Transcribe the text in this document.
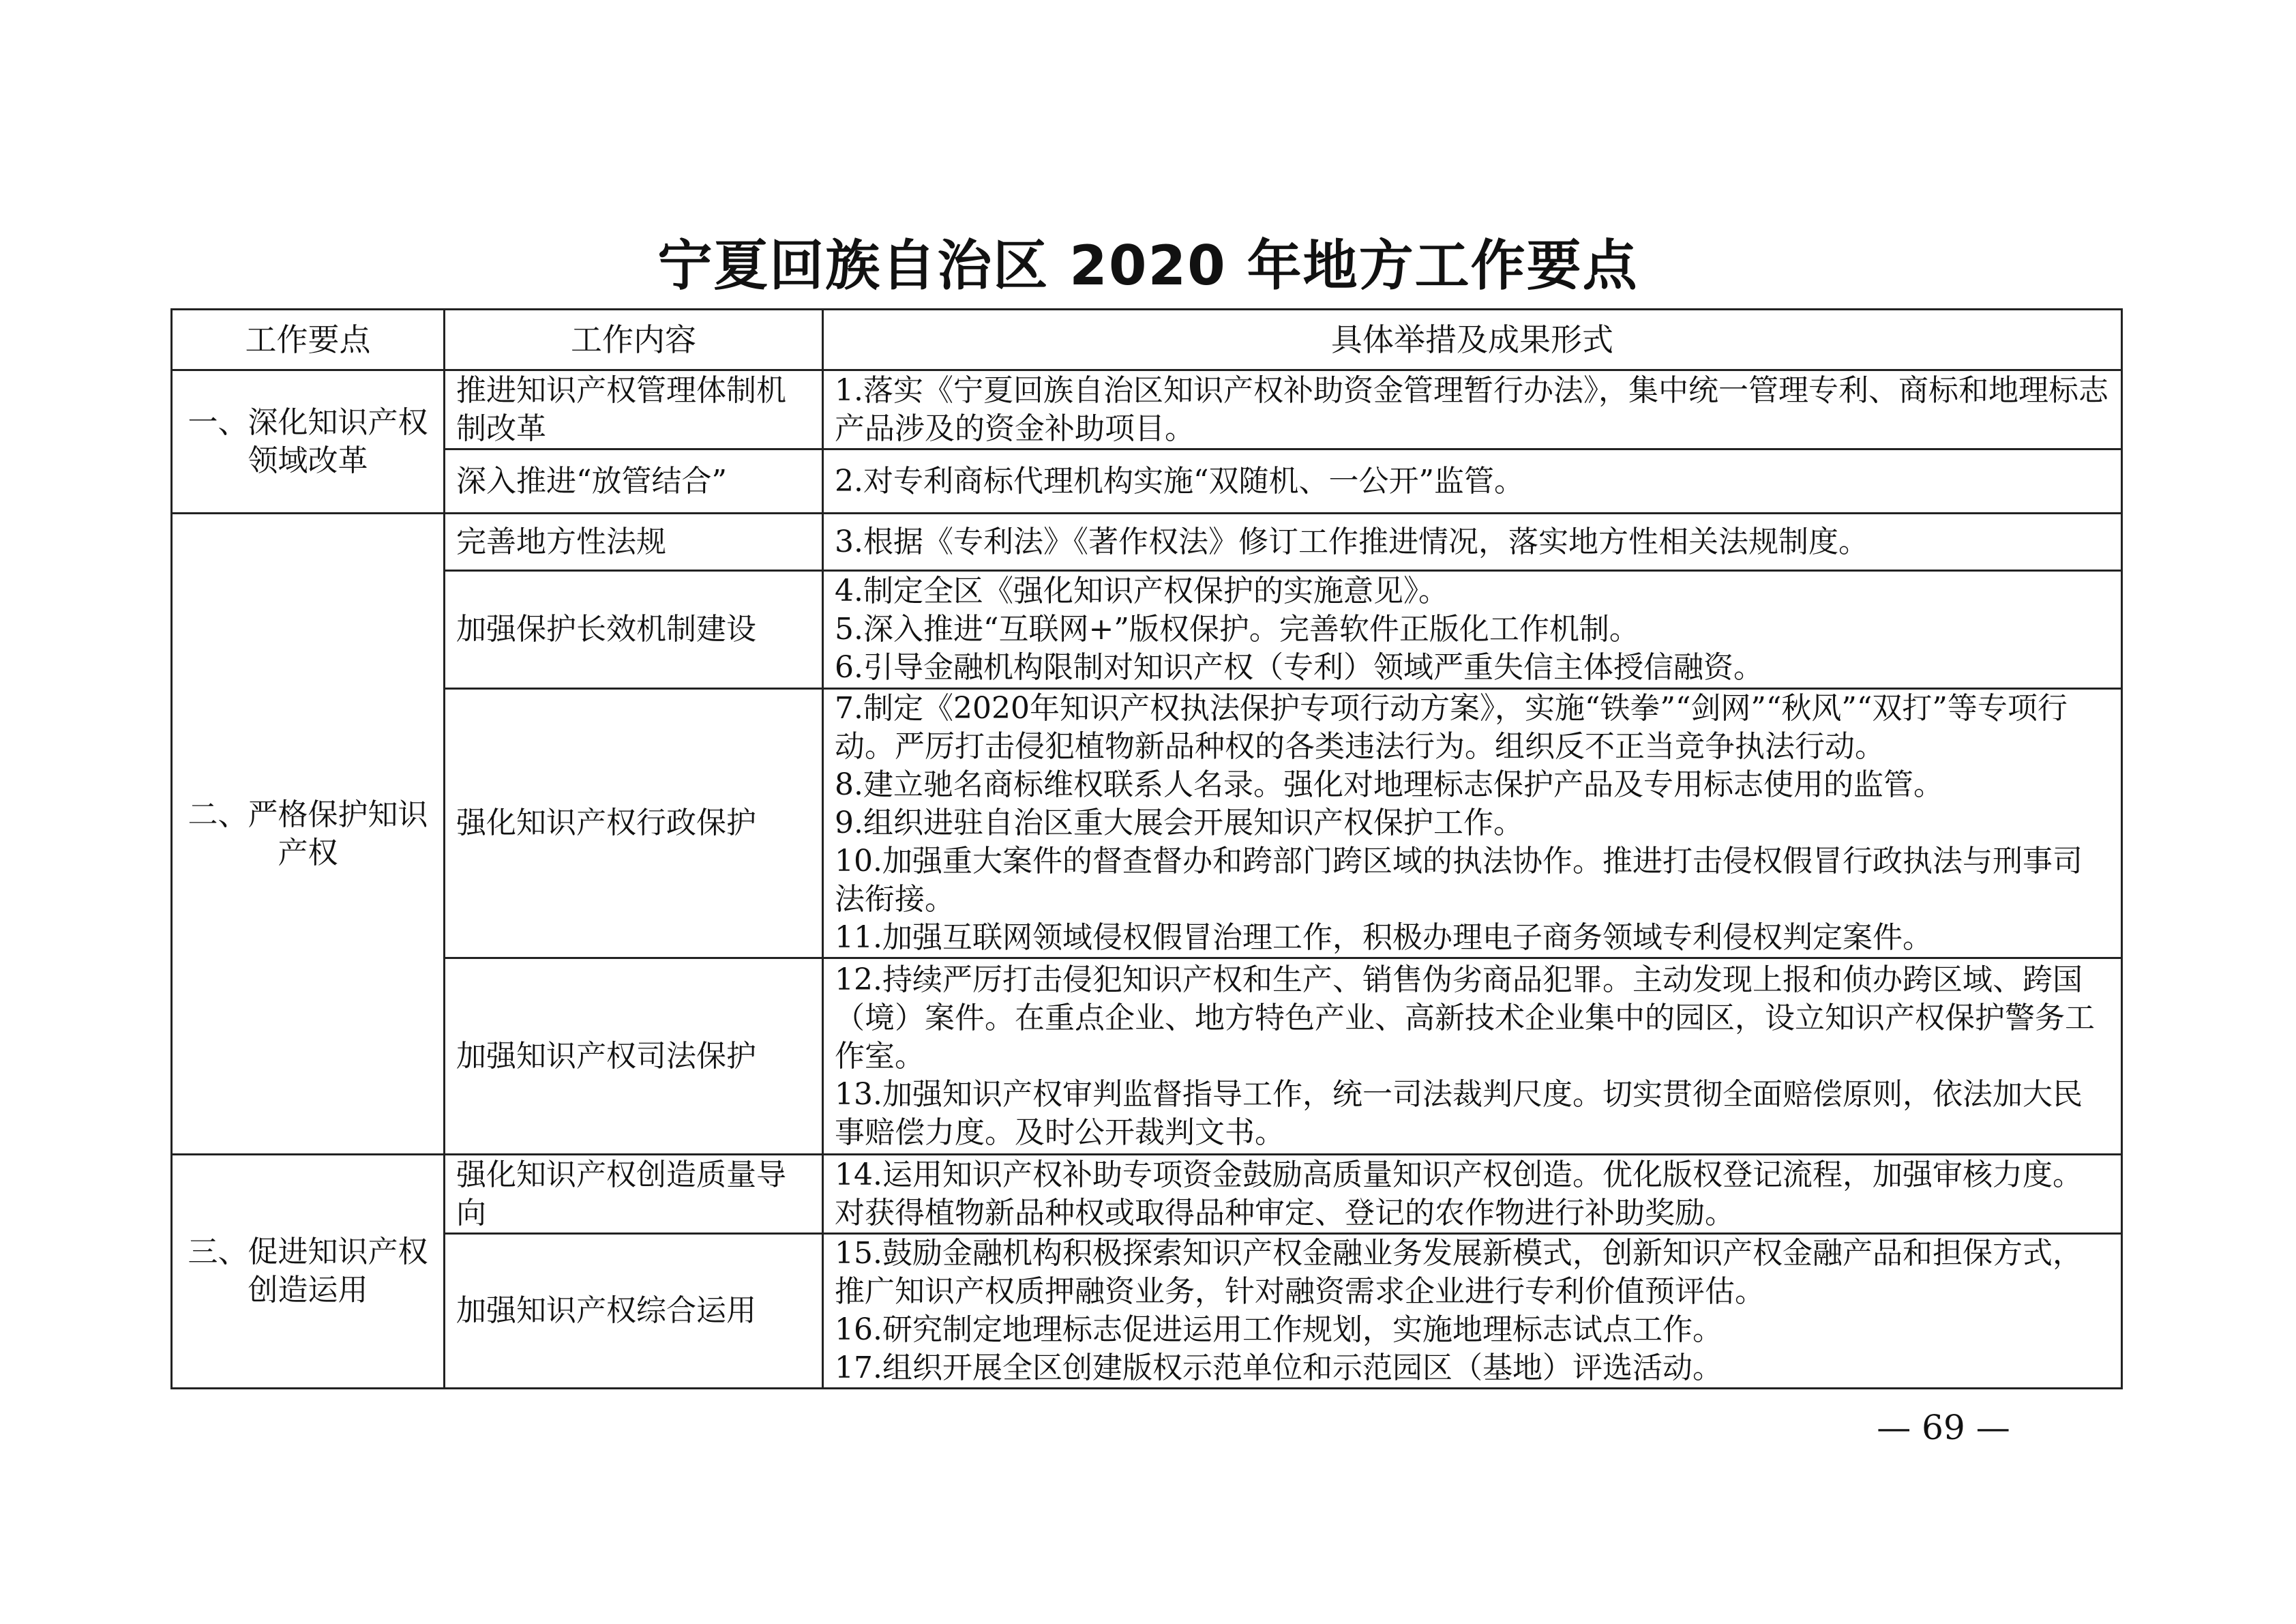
宁夏回族自治区 2020 年地方工作要点
工作要点	工作内容	具体举措及成果形式
一、深化知识产权领域改革	推进知识产权管理体制机制改革	1.落实《宁夏回族自治区知识产权补助资金管理暂行办法》，集中统一管理专利、商标和地理标志产品涉及的资金补助项目。

	深入推进“放管结合”	2.对专利商标代理机构实施“双随机、一公开”监管。

二、严格保护知识产权	完善地方性法规	3.根据《专利法》《著作权法》修订工作推进情况，落实地方性相关法规制度。

	加强保护长效机制建设	4.制定全区《强化知识产权保护的实施意见》。
5.深入推进“互联网+”版权保护。完善软件正版化工作机制。
6.引导金融机构限制对知识产权（专利）领域严重失信主体授信融资。

	强化知识产权行政保护	7.制定《2020年知识产权执法保护专项行动方案》，实施“铁拳”“剑网”“秋风”“双打”等专项行动。严厉打击侵犯植物新品种权的各类违法行为。组织反不正当竞争执法行动。
8.建立驰名商标维权联系人名录。强化对地理标志保护产品及专用标志使用的监管。
9.组织进驻自治区重大展会开展知识产权保护工作。
10.加强重大案件的督查督办和跨部门跨区域的执法协作。推进打击侵权假冒行政执法与刑事司法衔接。
11.加强互联网领域侵权假冒治理工作，积极办理电子商务领域专利侵权判定案件。

	加强知识产权司法保护	12.持续严厉打击侵犯知识产权和生产、销售伪劣商品犯罪。主动发现上报和侦办跨区域、跨国（境）案件。在重点企业、地方特色产业、高新技术企业集中的园区，设立知识产权保护警务工作室。
13.加强知识产权审判监督指导工作，统一司法裁判尺度。切实贯彻全面赔偿原则，依法加大民事赔偿力度。及时公开裁判文书。

三、促进知识产权创造运用	强化知识产权创造质量导向	14.运用知识产权补助专项资金鼓励高质量知识产权创造。优化版权登记流程，加强审核力度。对获得植物新品种权或取得品种审定、登记的农作物进行补助奖励。

	加强知识产权综合运用	15.鼓励金融机构积极探索知识产权金融业务发展新模式，创新知识产权金融产品和担保方式，推广知识产权质押融资业务，针对融资需求企业进行专利价值预评估。
16.研究制定地理标志促进运用工作规划，实施地理标志试点工作。
17.组织开展全区创建版权示范单位和示范园区（基地）评选活动。
— 69 —
